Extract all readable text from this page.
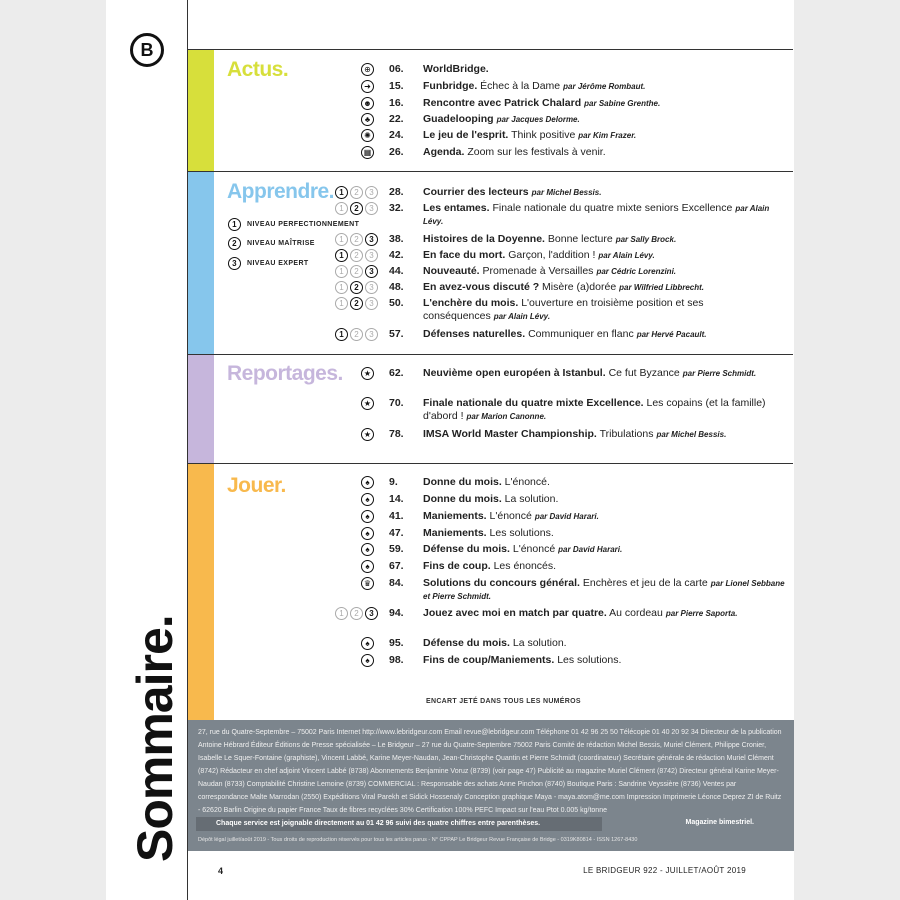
B
Sommaire.
Actus.	⊕	06.	WorldBridge.
➜	15.	Funbridge. Échec à la Dame par Jérôme Rombaut.
☻ 16.	Rencontre avec Patrick Chalard par Sabine Grenthe.
♣	22.	Guadelooping par Jacques Delorme.
✺	24.	Le jeu de l'esprit. Think positive par Kim Frazer.
▦ 26.	Agenda. Zoom sur les festivals à venir.
Apprendre.
1	NIVEAU PERFECTIONNEMENT
2	NIVEAU MAÎTRISE
3	NIVEAU EXPERT
1	2	3	28.	Courrier des lecteurs par Michel Bessis.
1	2	3	32.	Les entames. Finale nationale du quatre mixte seniors Excellence par Alain Lévy.
1	2	3	38.	Histoires de la Doyenne. Bonne lecture par Sally Brock.
1	2	3	42.	En face du mort. Garçon, l'addition ! par Alain Lévy.
1	2	3	44.	Nouveauté. Promenade à Versailles par Cédric Lorenzini.
1	2	3	48.	En avez-vous discuté ? Misère (a)dorée par Wilfried Libbrecht.
1	2	3	50.	L'enchère du mois. L'ouverture en troisième position et ses conséquences par Alain Lévy.
1	2	3	57.	Défenses naturelles. Communiquer en flanc par Hervé Pacault.
Reportages.	★ 62.	Neuvième open européen à Istanbul. Ce fut Byzance par Pierre Schmidt.
★ 70.	Finale nationale du quatre mixte Excellence. Les copains (et la famille) d'abord ! par Marion Canonne.
★ 78.	IMSA World Master Championship. Tribulations par Michel Bessis.
Jouer.	♠	9.	Donne du mois. L'énoncé.
♠	14.	Donne du mois. La solution.
♠	41.	Maniements. L'énoncé par David Harari.
♠	47.	Maniements. Les solutions.
♠	59.	Défense du mois. L'énoncé par David Harari.
♠	67.	Fins de coup. Les énoncés.
♛ 84.	Solutions du concours général. Enchères et jeu de la carte par Lionel Sebbane et Pierre Schmidt.
1	2	3	94.	Jouez avec moi en match par quatre. Au cordeau par Pierre Saporta.
♠	95.	Défense du mois. La solution.
♠	98.	Fins de coup/Maniements. Les solutions.
ENCART JETÉ DANS TOUS LES NUMÉROS

27, rue du Quatre-Septembre – 75002 Paris Internet http://www.lebridgeur.com Email revue@lebridgeur.com Téléphone 01 42 96 25 50 Télécopie 01 40 20 92 34 Directeur de la publication Antoine Hébrard Éditeur Éditions de Presse spécialisée – Le Bridgeur – 27 rue du Quatre-Septembre 75002 Paris Comité de rédaction Michel Bessis, Muriel Clément, Philippe Cronier, Isabelle Le Squer-Fontaine (graphiste), Vincent Labbé, Karine Meyer-Naudan, Jean-Christophe Quantin et Pierre Schmidt (coordinateur) Secrétaire générale de rédaction Muriel Clément (8742) Rédacteur en chef adjoint Vincent Labbé (8738) Abonnements Benjamine Voruz (8739) (voir page 47) Publicité au magazine Muriel Clément (8742) Directeur général Karine Meyer-Naudan (8733) Comptabilité Christine Lemoine (8739) COMMERCIAL : Responsable des achats Anne Pinchon (8740) Boutique Paris : Sandrine Veyssière (8736) Ventes par correspondance Malte Marrodan (2550) Expéditions Viral Parekh et Sidick Hossenaly Conception graphique Maya - maya.atom@me.com Impression Imprimerie Léonce Deprez ZI de Ruitz - 62620 Barlin Origine du papier France Taux de fibres recyclées 30% Certification 100% PEFC Impact sur l'eau Ptot 0.005 kg/tonne

Chaque service est joignable directement au 01 42 96 suivi des quatre chiffres entre parenthèses.	Magazine bimestriel.
Dépôt légal juillet/août 2019 - Tous droits de reproduction réservés pour tous les articles parus - N° CPPAP Le Bridgeur Revue Française de Bridge - 0319K80814 - ISSN 1267-8430
4	LE BRIDGEUR 922 - JUILLET/AOÛT 2019
